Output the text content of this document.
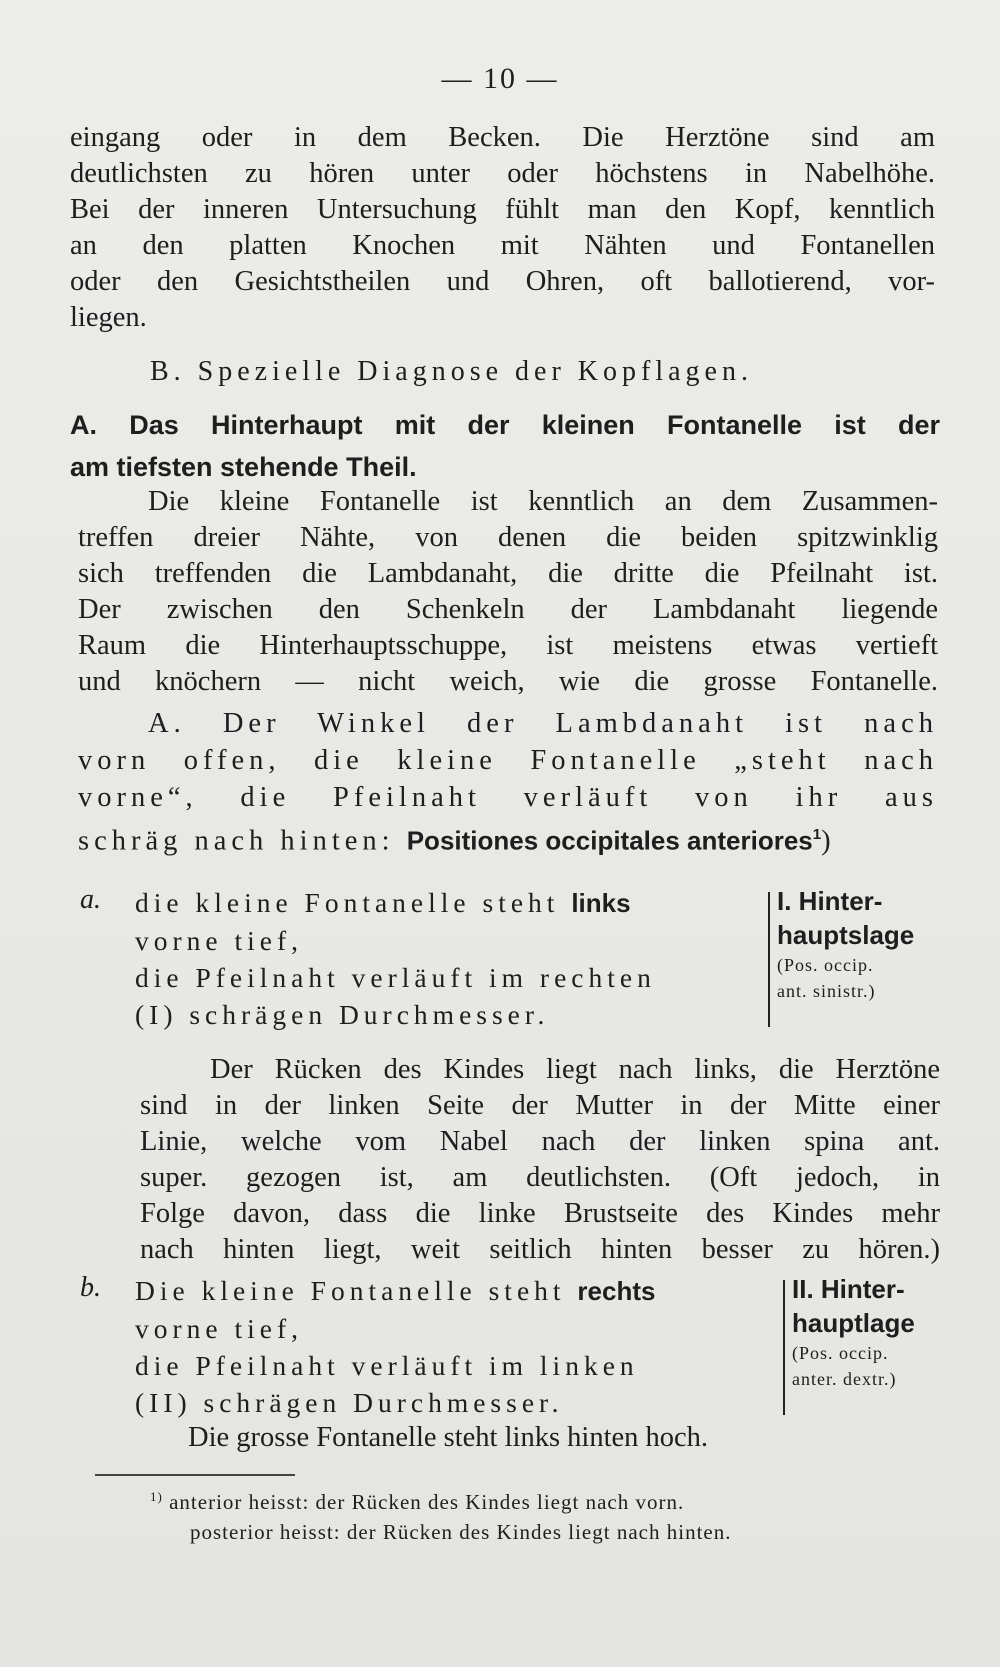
— 10 —

eingang oder in dem Becken. Die Herztöne sind am

deutlichsten zu hören unter oder höchstens in Nabelhöhe.

Bei der inneren Untersuchung fühlt man den Kopf, kenntlich

an den platten Knochen mit Nähten und Fontanellen

oder den Gesichtstheilen und Ohren, oft ballotierend, vor-

liegen.

B. Spezielle Diagnose der Kopflagen.
A. Das Hinterhaupt mit der kleinen Fontanelle ist der
am tiefsten stehende Theil.

Die kleine Fontanelle ist kenntlich an dem Zusammen-

treffen dreier Nähte, von denen die beiden spitzwinklig

sich treffenden die Lambdanaht, die dritte die Pfeilnaht ist.

Der zwischen den Schenkeln der Lambdanaht liegende

Raum die Hinterhauptsschuppe, ist meistens etwas vertieft

und knöchern — nicht weich, wie die grosse Fontanelle.

A. Der Winkel der Lambdanaht ist nach

vorn offen, die kleine Fontanelle „steht nach

vorne“, die Pfeilnaht verläuft von ihr aus

schräg nach hinten: Positiones occipitales anteriores$^1$)

a. die kleine Fontanelle steht links
vorne tief,
die Pfeilnaht verläuft im rechten
(I) schrägen Durchmesser.
I. Hinter-
hauptslage
(Pos. occip.
ant. sinistr.)

Der Rücken des Kindes liegt nach links, die Herztöne

sind in der linken Seite der Mutter in der Mitte einer

Linie, welche vom Nabel nach der linken spina ant.

super. gezogen ist, am deutlichsten. (Oft jedoch, in

Folge davon, dass die linke Brustseite des Kindes mehr

nach hinten liegt, weit seitlich hinten besser zu hören.)

b. Die kleine Fontanelle steht rechts
vorne tief,
die Pfeilnaht verläuft im linken
(II) schrägen Durchmesser.
II. Hinter-
hauptlage
(Pos. occip.
anter. dextr.)

Die grosse Fontanelle steht links hinten hoch.

$^{1)}$ anterior heisst: der Rücken des Kindes liegt nach vorn.
posterior heisst: der Rücken des Kindes liegt nach hinten.
